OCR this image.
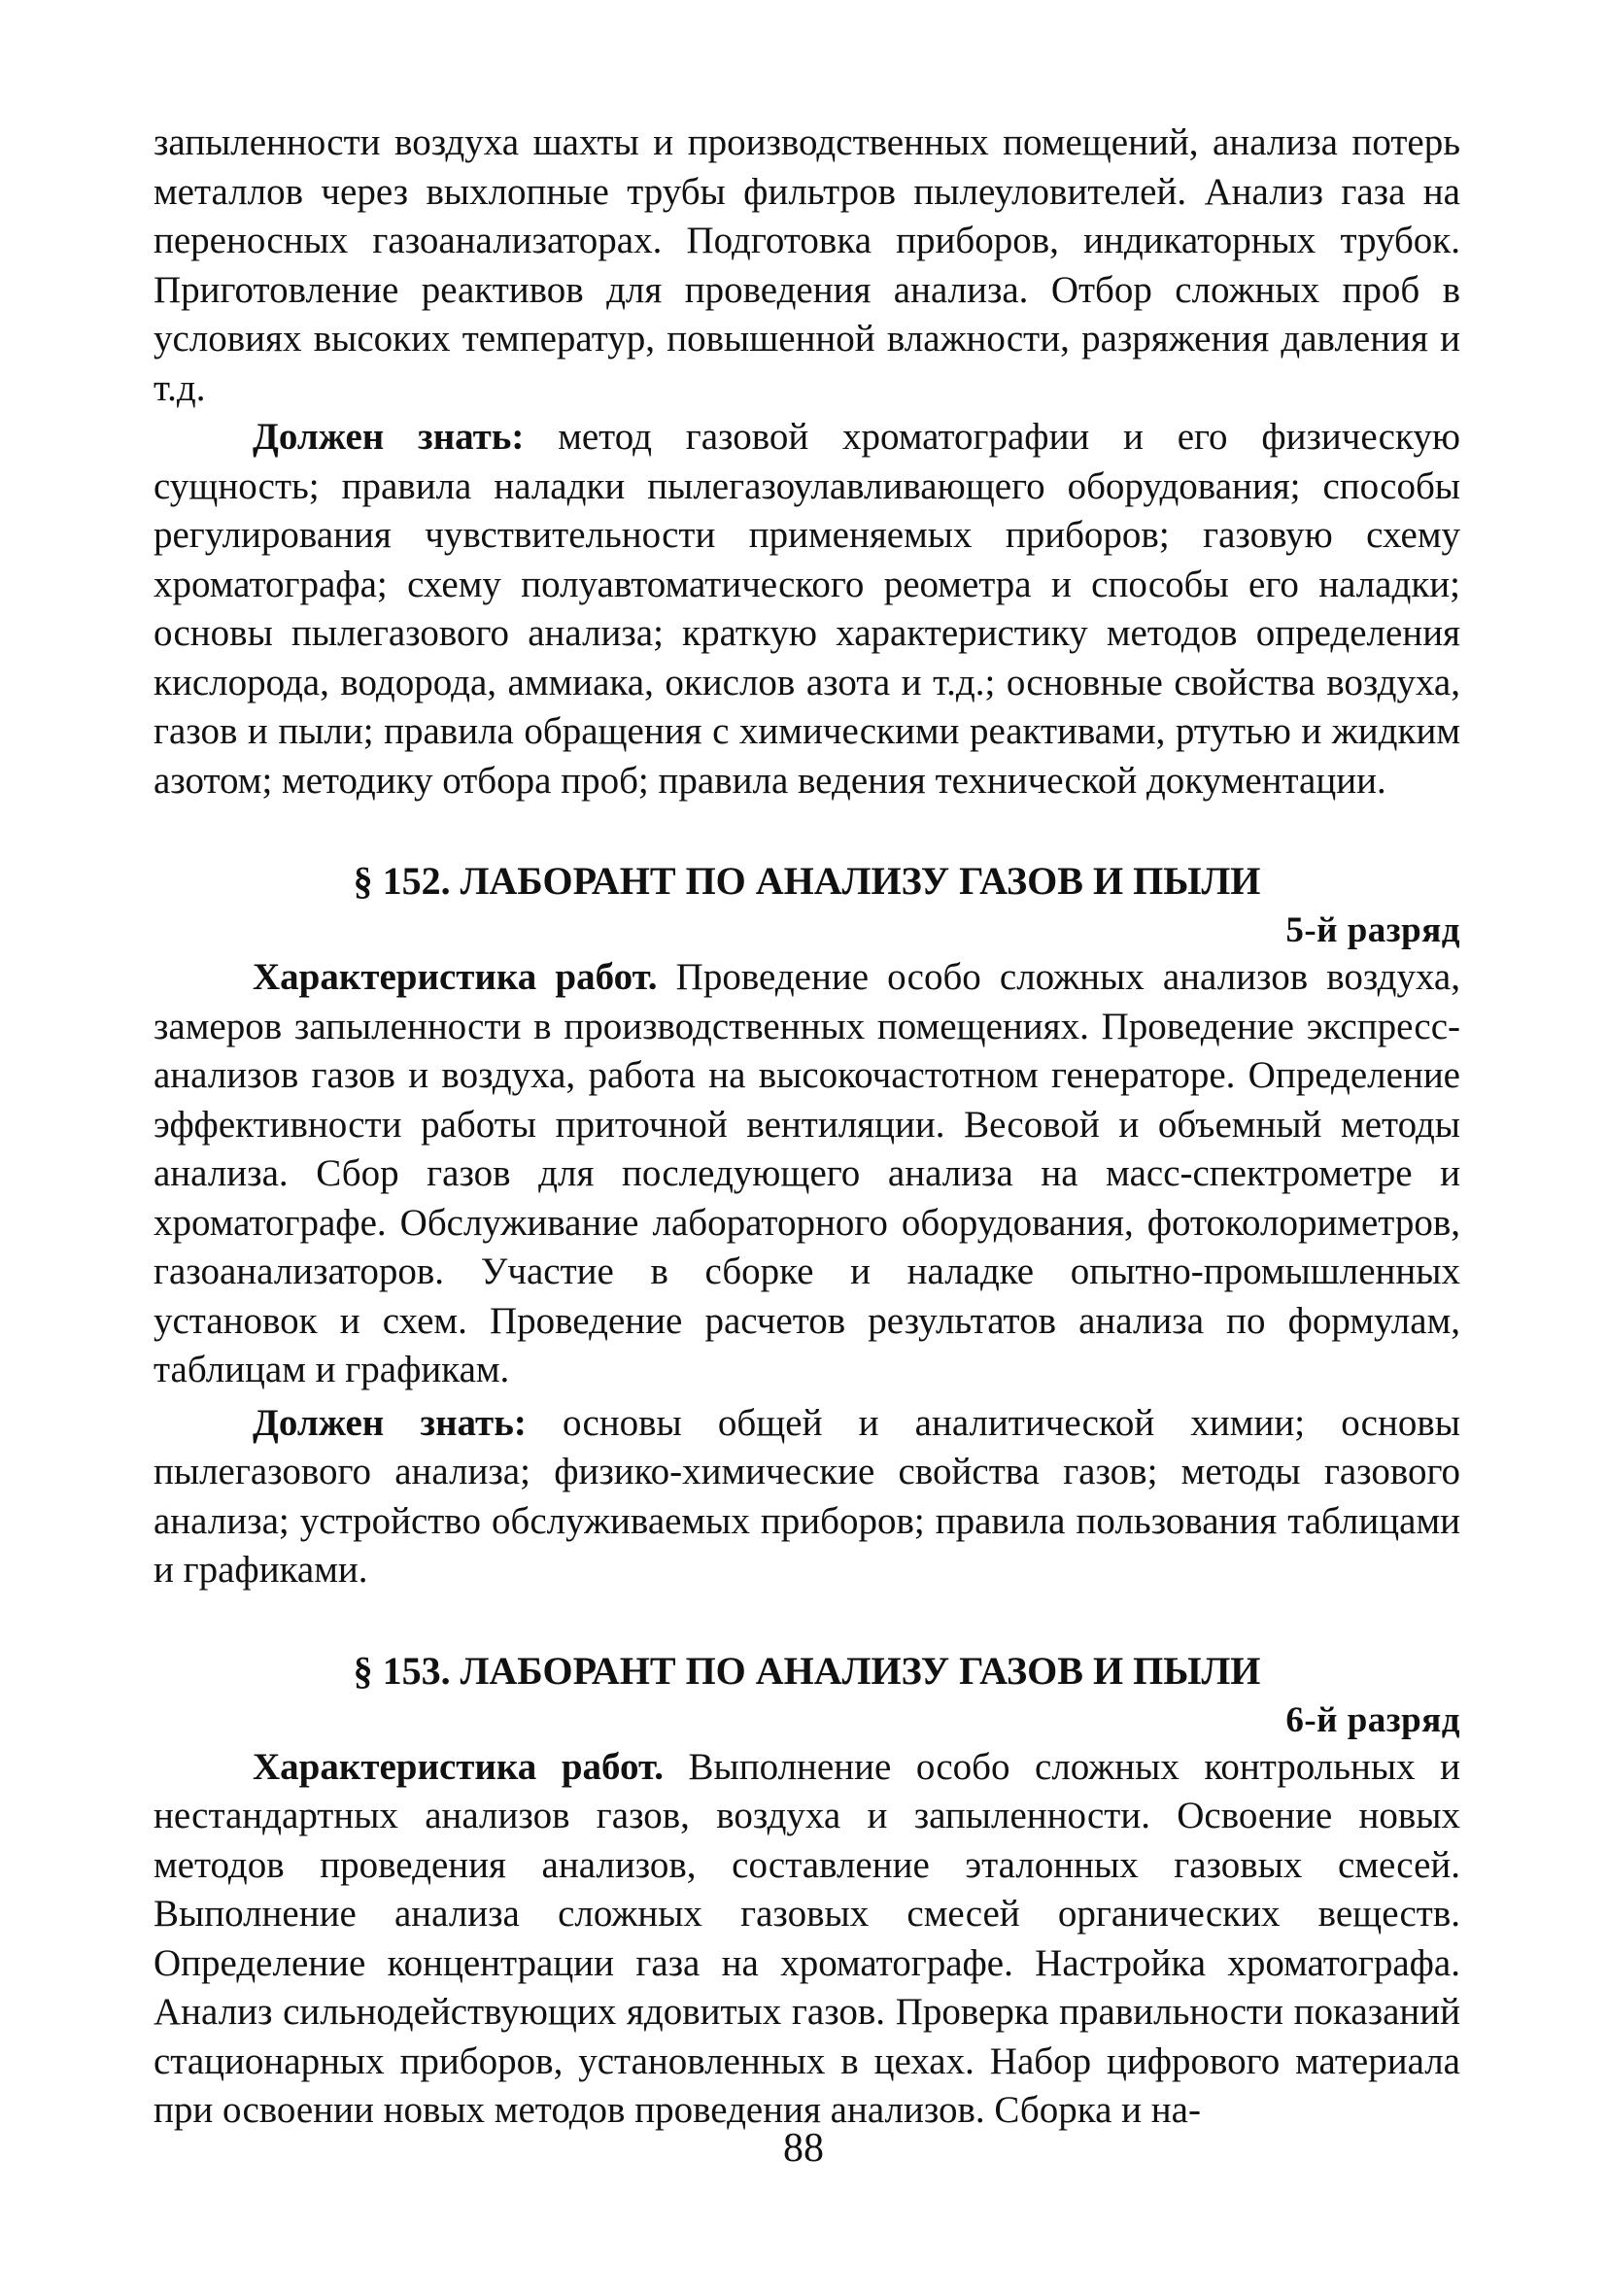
запыленности воздуха шахты и производственных помещений, анализа потерь металлов через выхлопные трубы фильтров пылеуловителей. Анализ газа на переносных газоанализаторах. Подготовка приборов, индикаторных трубок. Приготовление реактивов для проведения анализа. Отбор сложных проб в условиях высоких температур, повышенной влажности, разряжения давления и т.д.

Должен знать: метод газовой хроматографии и его физическую сущность; правила наладки пылегазоулавливающего оборудования; способы регулирования чувствительности применяемых приборов; газовую схему хроматографа; схему полуавтоматического реометра и способы его наладки; основы пылегазового анализа; краткую характеристику методов определения кислорода, водорода, аммиака, окислов азота и т.д.; основные свойства воздуха, газов и пыли; правила обращения с химическими реактивами, ртутью и жидким азотом; методику отбора проб; правила ведения технической документации.

§ 152. ЛАБОРАНТ ПО АНАЛИЗУ ГАЗОВ И ПЫЛИ
5-й разряд

Характеристика работ. Проведение особо сложных анализов воздуха, замеров запыленности в производственных помещениях. Проведение экспресс-анализов газов и воздуха, работа на высокочастотном генераторе. Определение эффективности работы приточной вентиляции. Весовой и объемный методы анализа. Сбор газов для последующего анализа на масс-спектрометре и хроматографе. Обслуживание лабораторного оборудования, фотоколориметров, газоанализаторов. Участие в сборке и наладке опытно-промышленных установок и схем. Проведение расчетов результатов анализа по формулам, таблицам и графикам.

Должен знать: основы общей и аналитической химии; основы пылегазового анализа; физико-химические свойства газов; методы газового анализа; устройство обслуживаемых приборов; правила пользования таблицами и графиками.

§ 153. ЛАБОРАНТ ПО АНАЛИЗУ ГАЗОВ И ПЫЛИ
6-й разряд

Характеристика работ. Выполнение особо сложных контрольных и нестандартных анализов газов, воздуха и запыленности. Освоение новых методов проведения анализов, составление эталонных газовых смесей. Выполнение анализа сложных газовых смесей органических веществ. Определение концентрации газа на хроматографе. Настройка хроматографа. Анализ сильнодействующих ядовитых газов. Проверка правильности показаний стационарных приборов, установленных в цехах. Набор цифрового материала при освоении новых методов проведения анализов. Сборка и на-

88
